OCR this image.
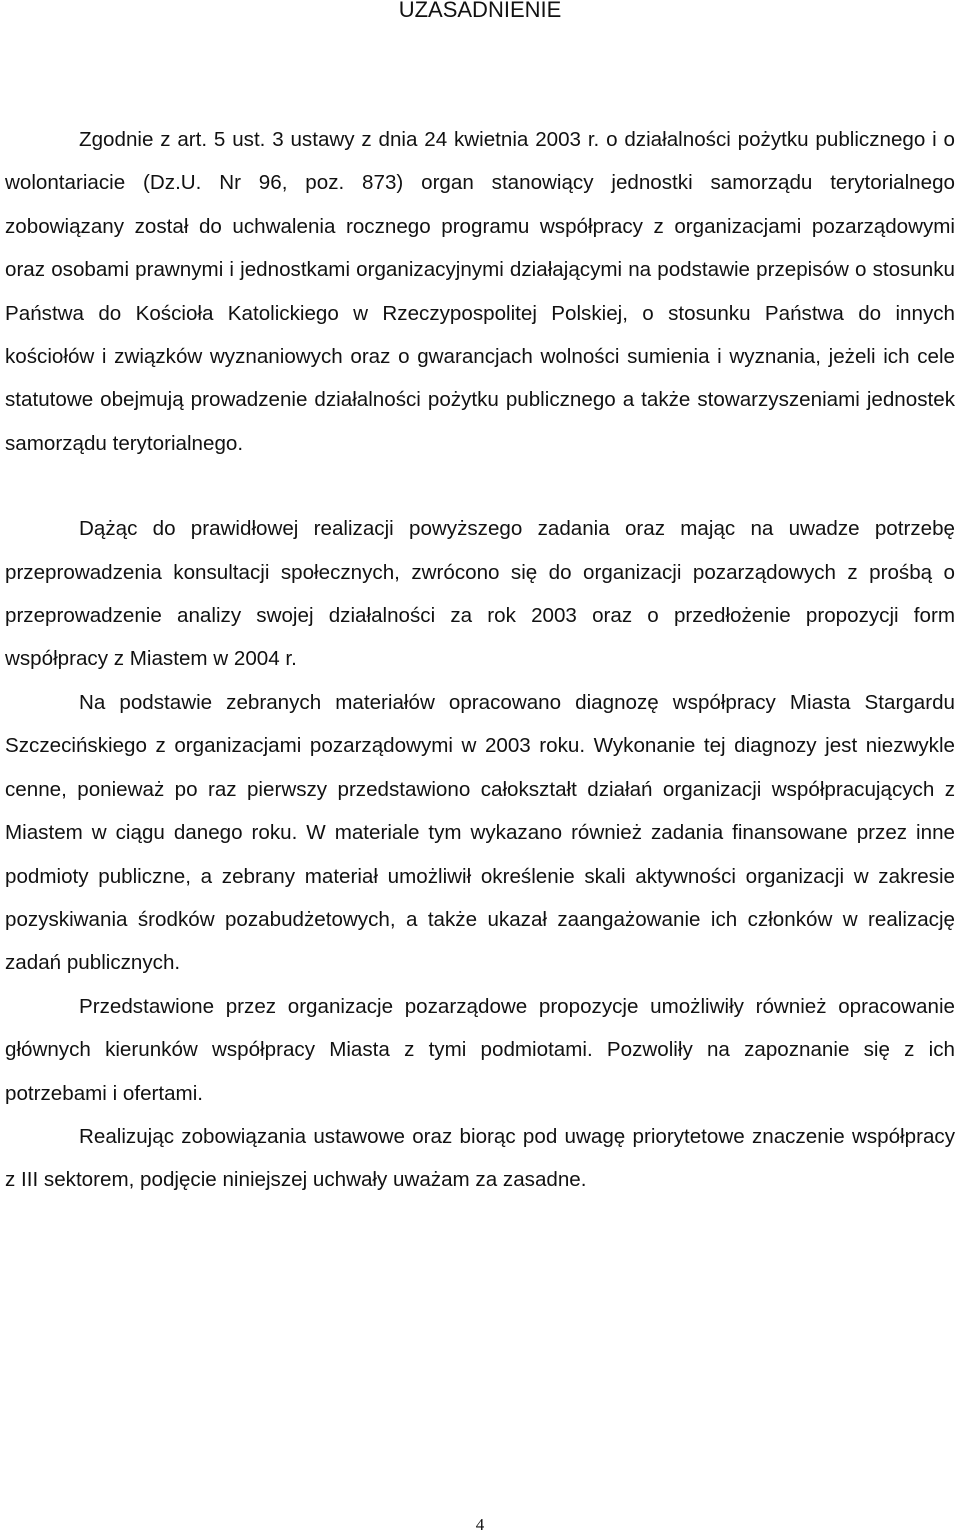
UZASADNIENIE

Zgodnie z art. 5 ust. 3 ustawy z dnia 24 kwietnia 2003 r. o działalności pożytku publicznego i o wolontariacie (Dz.U. Nr 96, poz. 873) organ stanowiący jednostki samorządu terytorialnego zobowiązany został do uchwalenia rocznego programu współpracy z organizacjami pozarządowymi oraz osobami prawnymi i jednostkami organizacyjnymi działającymi na podstawie przepisów o stosunku Państwa do Kościoła Katolickiego w Rzeczypospolitej Polskiej, o stosunku Państwa do innych kościołów i związków wyznaniowych oraz o gwarancjach wolności sumienia i wyznania, jeżeli ich cele statutowe obejmują prowadzenie działalności pożytku publicznego a także stowarzyszeniami jednostek samorządu terytorialnego.

Dążąc do prawidłowej realizacji powyższego zadania oraz mając na uwadze potrzebę przeprowadzenia konsultacji społecznych, zwrócono się do organizacji pozarządowych z prośbą o przeprowadzenie analizy swojej działalności za rok 2003 oraz o przedłożenie propozycji form współpracy z Miastem w 2004 r.

Na podstawie zebranych materiałów opracowano diagnozę współpracy Miasta Stargardu Szczecińskiego z organizacjami pozarządowymi w 2003 roku. Wykonanie tej diagnozy jest niezwykle cenne, ponieważ po raz pierwszy przedstawiono całokształt działań organizacji współpracujących z Miastem w ciągu danego roku. W materiale tym wykazano również zadania finansowane przez inne podmioty publiczne, a zebrany materiał umożliwił określenie skali aktywności organizacji w zakresie pozyskiwania środków pozabudżetowych, a także ukazał zaangażowanie ich członków w realizację zadań publicznych.

Przedstawione przez organizacje pozarządowe propozycje umożliwiły również opracowanie głównych kierunków współpracy Miasta z tymi podmiotami. Pozwoliły na zapoznanie się z ich potrzebami i ofertami.

Realizując zobowiązania ustawowe oraz biorąc pod uwagę priorytetowe znaczenie współpracy z III sektorem, podjęcie niniejszej uchwały uważam za zasadne.

4
